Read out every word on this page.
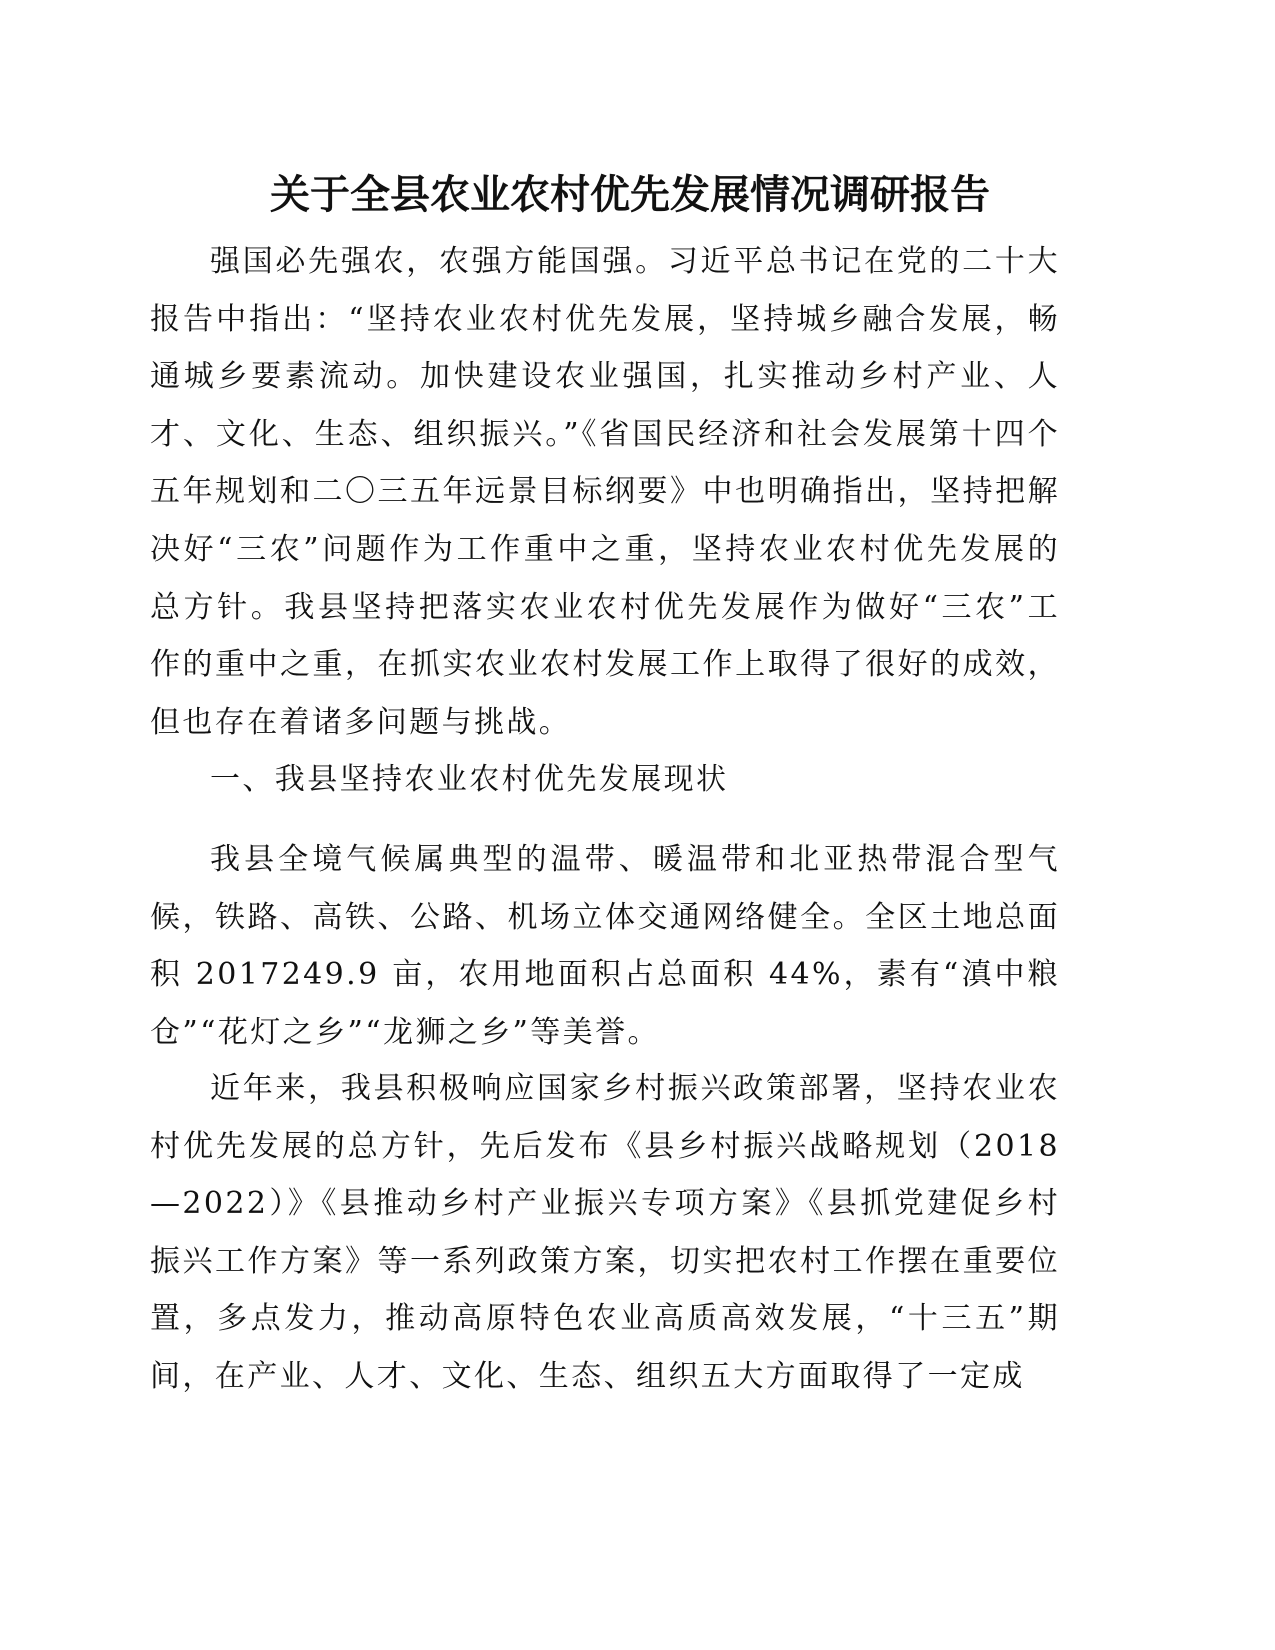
关于全县农业农村优先发展情况调研报告

强国必先强农，农强方能国强。习近平总书记在党的二十大报告中指出：“坚持农业农村优先发展，坚持城乡融合发展，畅通城乡要素流动。加快建设农业强国，扎实推动乡村产业、人才、文化、生态、组织振兴。”《省国民经济和社会发展第十四个五年规划和二〇三五年远景目标纲要》中也明确指出，坚持把解决好“三农”问题作为工作重中之重，坚持农业农村优先发展的总方针。我县坚持把落实农业农村优先发展作为做好“三农”工作的重中之重，在抓实农业农村发展工作上取得了很好的成效，但也存在着诸多问题与挑战。

一、我县坚持农业农村优先发展现状

我县全境气候属典型的温带、暖温带和北亚热带混合型气候，铁路、高铁、公路、机场立体交通网络健全。全区土地总面积 2017249.9 亩，农用地面积占总面积 44%，素有“滇中粮仓”“花灯之乡”“龙狮之乡”等美誉。

近年来，我县积极响应国家乡村振兴政策部署，坚持农业农村优先发展的总方针，先后发布《县乡村振兴战略规划（2018—2022）》《县推动乡村产业振兴专项方案》《县抓党建促乡村振兴工作方案》等一系列政策方案，切实把农村工作摆在重要位置，多点发力，推动高原特色农业高质高效发展，“十三五”期间，在产业、人才、文化、生态、组织五大方面取得了一定成
